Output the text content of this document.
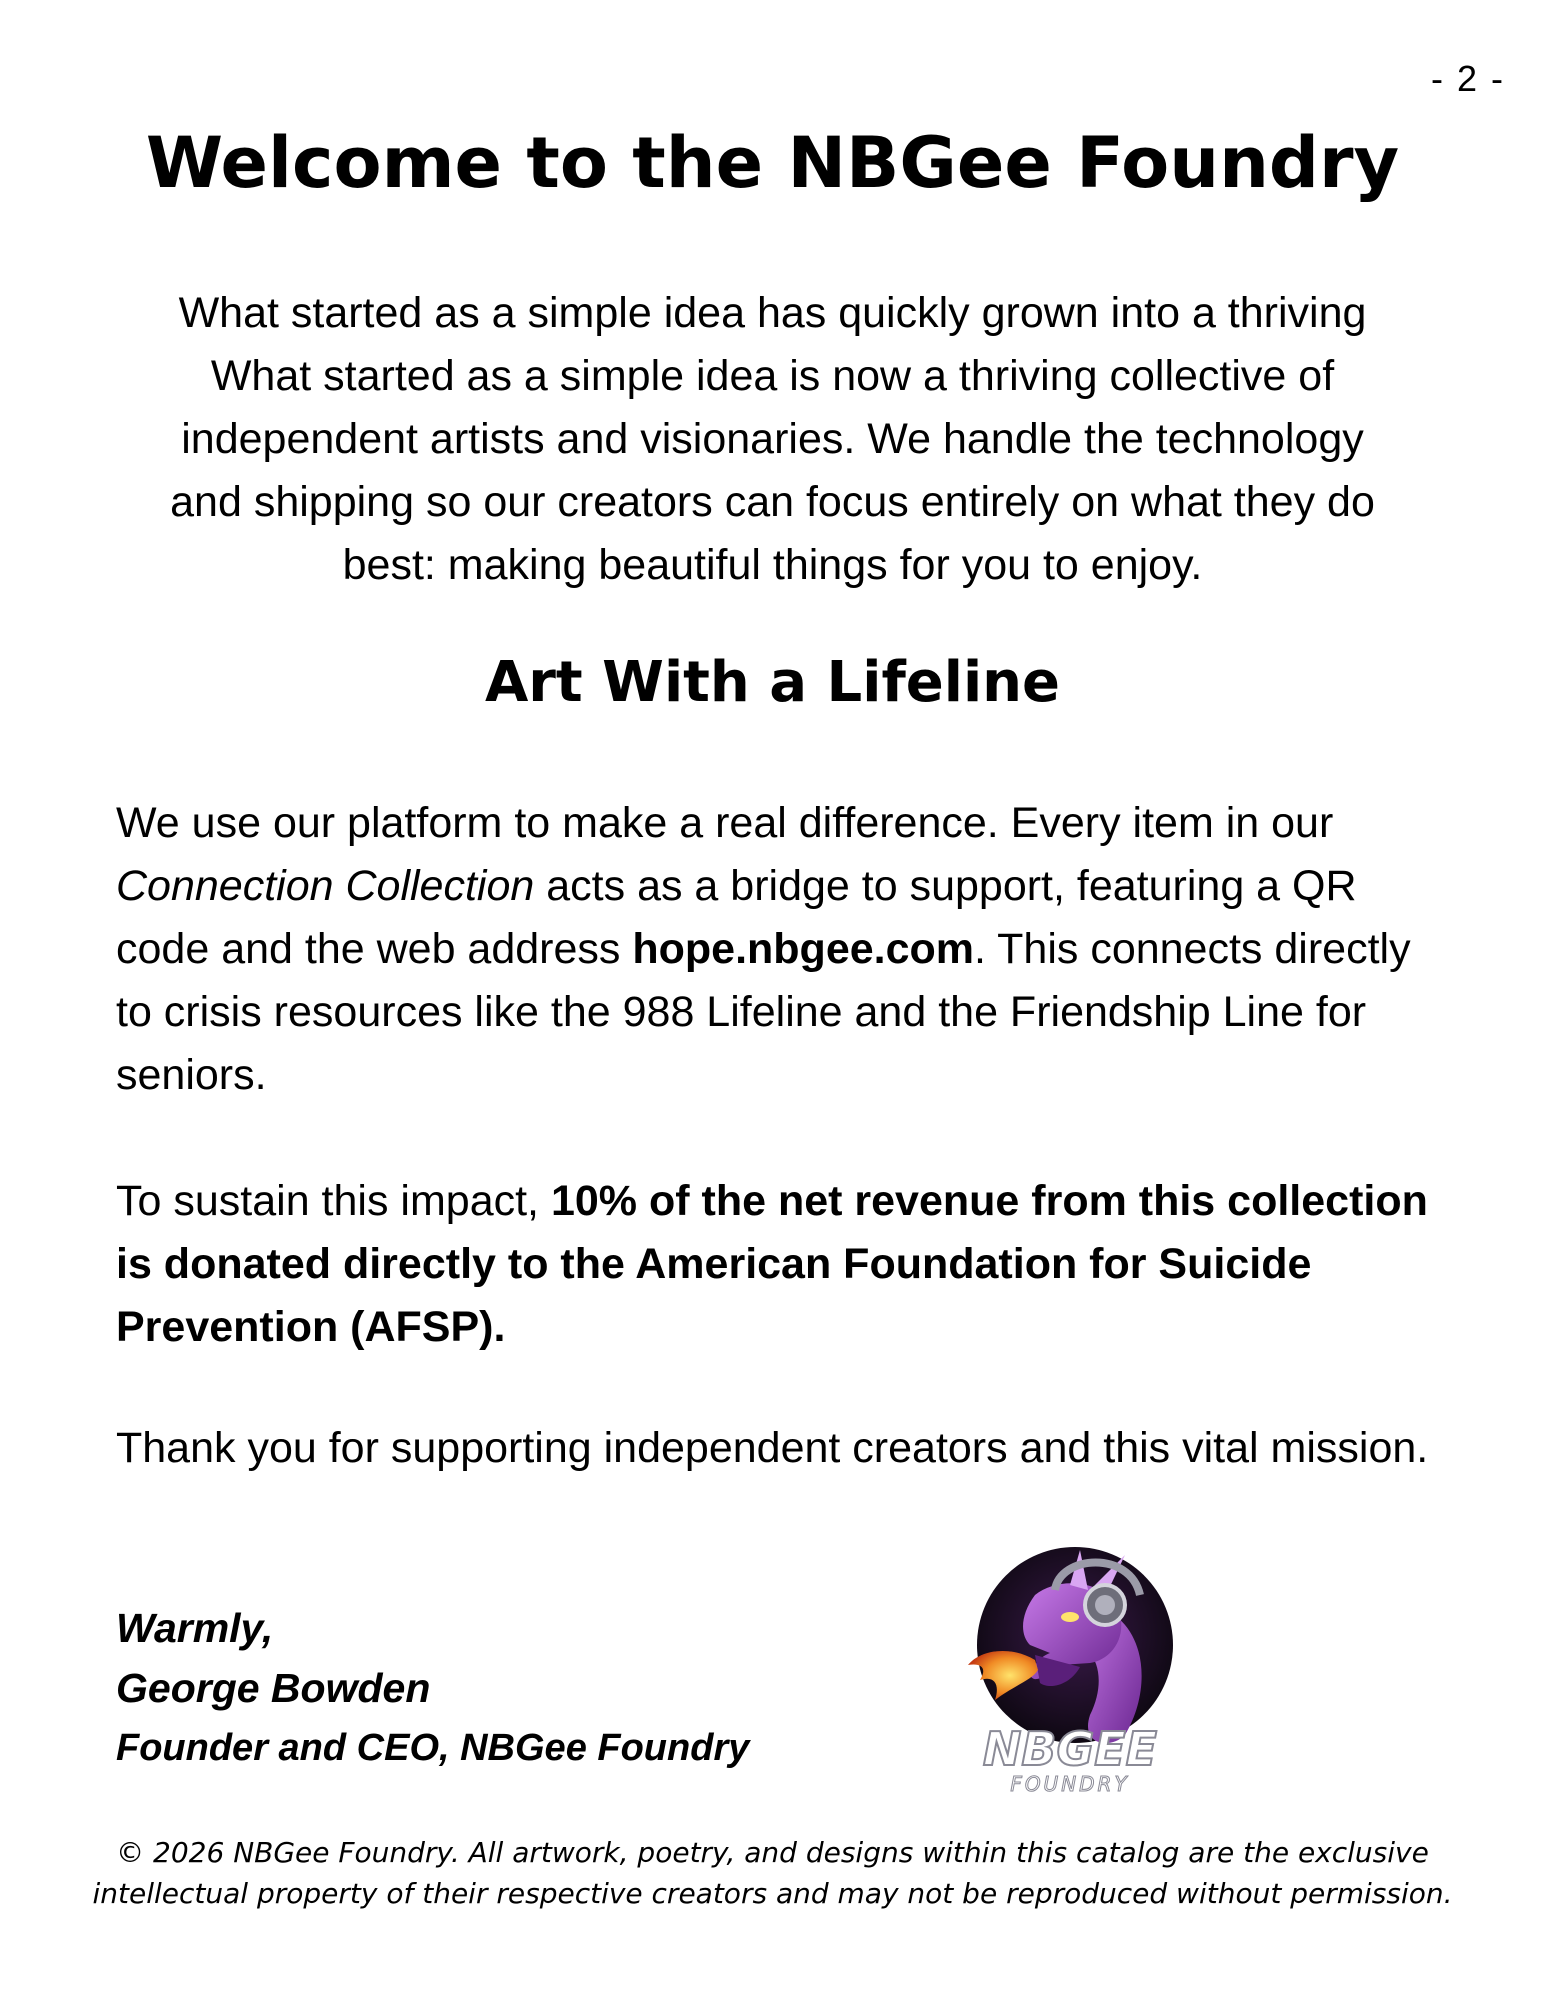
- 2 -
Welcome to the NBGee Foundry

What started as a simple idea has quickly grown into a thriving
What started as a simple idea is now a thriving collective of
independent artists and visionaries. We handle the technology
and shipping so our creators can focus entirely on what they do
best: making beautiful things for you to enjoy.

Art With a Lifeline

We use our platform to make a real difference. Every item in our Connection Collection acts as a bridge to support, featuring a QR code and the web address hope.nbgee.com. This connects directly to crisis resources like the 988 Lifeline and the Friendship Line for seniors.

To sustain this impact, 10% of the net revenue from this collection is donated directly to the American Foundation for Suicide Prevention (AFSP).

Thank you for supporting independent creators and this vital mission.

Warmly,
George Bowden
Founder and CEO, NBGee Foundry	NBGEE
FOUNDRY

© 2026 NBGee Foundry. All artwork, poetry, and designs within this catalog are the exclusive intellectual property of their respective creators and may not be reproduced without permission.
